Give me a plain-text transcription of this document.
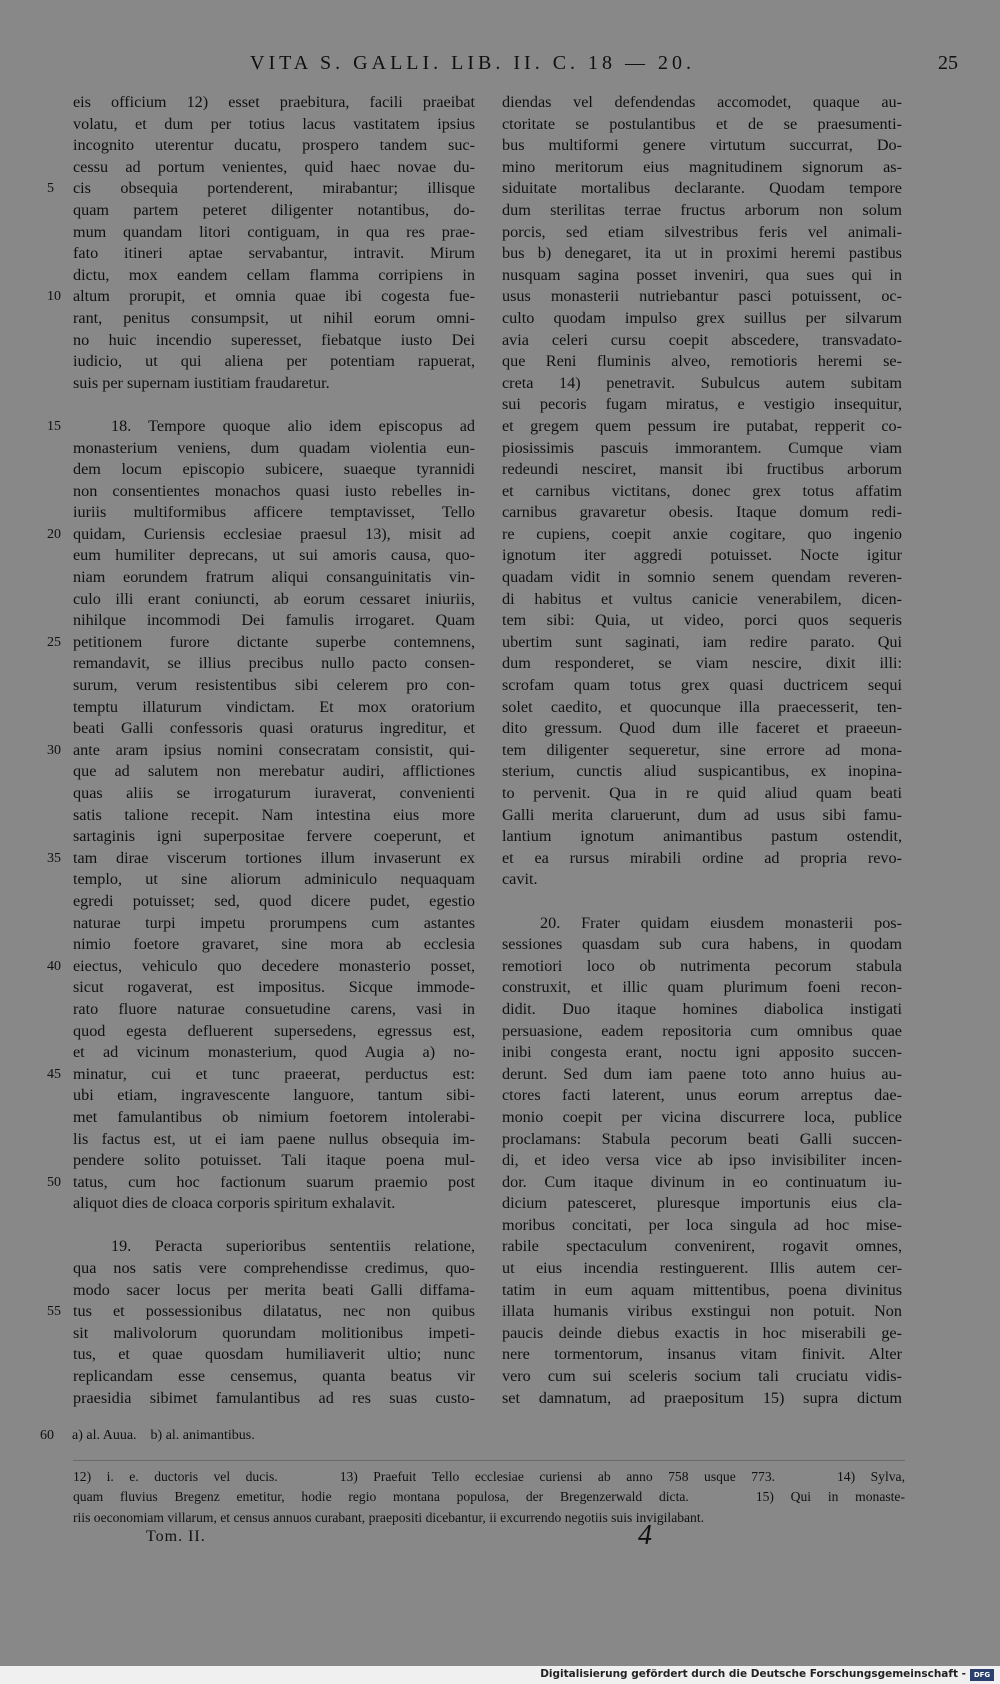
VITA S. GALLI. LIB. II. C. 18 — 20.	25
eis officium 12) esset praebitura, facili praeibat
volatu, et dum per totius lacus vastitatem ipsius
incognito uterentur ducatu, prospero tandem suc-
cessu ad portum venientes, quid haec novae du-
5	cis obsequia portenderent, mirabantur; illisque
quam partem peteret diligenter notantibus, do-
mum quandam litori contiguam, in qua res prae-
fato itineri aptae servabantur, intravit. Mirum
dictu, mox eandem cellam flamma corripiens in
10 altum prorupit, et omnia quae ibi cogesta fue-
rant, penitus consumpsit, ut nihil eorum omni-
no huic incendio superesset, fiebatque iusto Dei
iudicio, ut qui aliena per potentiam rapuerat,
suis per supernam iustitiam fraudaretur.
15	18. Tempore quoque alio idem episcopus ad
monasterium veniens, dum quadam violentia eun-
dem locum episcopio subicere, suaeque tyrannidi
non consentientes monachos quasi iusto rebelles in-
iuriis multiformibus afficere temptavisset, Tello
20 quidam, Curiensis ecclesiae praesul 13), misit ad
eum humiliter deprecans, ut sui amoris causa, quo-
niam eorundem fratrum aliqui consanguinitatis vin-
culo illi erant coniuncti, ab eorum cessaret iniuriis,
nihilque incommodi Dei famulis irrogaret. Quam
25 petitionem furore dictante superbe contemnens,
remandavit, se illius precibus nullo pacto consen-
surum, verum resistentibus sibi celerem pro con-
temptu illaturum vindictam. Et mox oratorium
beati Galli confessoris quasi oraturus ingreditur, et
30 ante aram ipsius nomini consecratam consistit, qui-
que ad salutem non merebatur audiri, afflictiones
quas aliis se irrogaturum iuraverat, convenienti
satis talione recepit. Nam intestina eius more
sartaginis igni superpositae fervere coeperunt, et
35 tam dirae viscerum tortiones illum invaserunt ex
templo, ut sine aliorum adminiculo nequaquam
egredi potuisset; sed, quod dicere pudet, egestio
naturae turpi impetu prorumpens cum astantes
nimio foetore gravaret, sine mora ab ecclesia
40 eiectus, vehiculo quo decedere monasterio posset,
sicut rogaverat, est impositus. Sicque immode-
rato fluore naturae consuetudine carens, vasi in
quod egesta defluerent supersedens, egressus est,
et ad vicinum monasterium, quod Augia a) no-
45 minatur, cui et tunc praeerat, perductus est:
ubi etiam, ingravescente languore, tantum sibi-
met famulantibus ob nimium foetorem intolerabi-
lis factus est, ut ei iam paene nullus obsequia im-
pendere solito potuisset. Tali itaque poena mul-
50 tatus, cum hoc factionum suarum praemio post
aliquot dies de cloaca corporis spiritum exhalavit.
19. Peracta superioribus sententiis relatione,
qua nos satis vere comprehendisse credimus, quo-
modo sacer locus per merita beati Galli diffama-
55 tus et possessionibus dilatatus, nec non quibus
sit malivolorum quorundam molitionibus impeti-
tus, et quae quosdam humiliaverit ultio; nunc
replicandam esse censemus, quanta beatus vir
praesidia sibimet famulantibus ad res suas custo-
diendas vel defendendas accomodet, quaque au-
ctoritate se postulantibus et de se praesumenti-
bus multiformi genere virtutum succurrat, Do-
mino meritorum eius magnitudinem signorum as-
siduitate mortalibus declarante. Quodam tempore
dum sterilitas terrae fructus arborum non solum
porcis, sed etiam silvestribus feris vel animali-
bus b) denegaret, ita ut in proximi heremi pastibus
nusquam sagina posset inveniri, qua sues qui in
usus monasterii nutriebantur pasci potuissent, oc-
culto quodam impulso grex suillus per silvarum
avia celeri cursu coepit abscedere, transvadato-
que Reni fluminis alveo, remotioris heremi se-
creta 14) penetravit. Subulcus autem subitam
sui pecoris fugam miratus, e vestigio insequitur,
et gregem quem pessum ire putabat, repperit co-
piosissimis pascuis immorantem. Cumque viam
redeundi nesciret, mansit ibi fructibus arborum
et carnibus victitans, donec grex totus affatim
carnibus gravaretur obesis. Itaque domum redi-
re cupiens, coepit anxie cogitare, quo ingenio
ignotum iter aggredi potuisset. Nocte igitur
quadam vidit in somnio senem quendam reveren-
di habitus et vultus canicie venerabilem, dicen-
tem sibi: Quia, ut video, porci quos sequeris
ubertim sunt saginati, iam redire parato. Qui
dum responderet, se viam nescire, dixit illi:
scrofam quam totus grex quasi ductricem sequi
solet caedito, et quocunque illa praecesserit, ten-
dito gressum. Quod dum ille faceret et praeeun-
tem diligenter sequeretur, sine errore ad mona-
sterium, cunctis aliud suspicantibus, ex inopina-
to pervenit. Qua in re quid aliud quam beati
Galli merita claruerunt, dum ad usus sibi famu-
lantium ignotum animantibus pastum ostendit,
et ea rursus mirabili ordine ad propria revo-
cavit.
20. Frater quidam eiusdem monasterii pos-
sessiones quasdam sub cura habens, in quodam
remotiori loco ob nutrimenta pecorum stabula
construxit, et illic quam plurimum foeni recon-
didit. Duo itaque homines diabolica instigati
persuasione, eadem repositoria cum omnibus quae
inibi congesta erant, noctu igni apposito succen-
derunt. Sed dum iam paene toto anno huius au-
ctores facti laterent, unus eorum arreptus dae-
monio coepit per vicina discurrere loca, publice
proclamans: Stabula pecorum beati Galli succen-
di, et ideo versa vice ab ipso invisibiliter incen-
dor. Cum itaque divinum in eo continuatum iu-
dicium patesceret, pluresque importunis eius cla-
moribus concitati, per loca singula ad hoc mise-
rabile spectaculum convenirent, rogavit omnes,
ut eius incendia restinguerent. Illis autem cer-
tatim in eum aquam mittentibus, poena divinitus
illata humanis viribus exstingui non potuit. Non
paucis deinde diebus exactis in hoc miserabili ge-
nere tormentorum, insanus vitam finivit. Alter
vero cum sui sceleris socium tali cruciatu vidis-
set damnatum, ad praepositum 15) supra dictum
60 a) al. Auua.    b) al. animantibus.
12) i. e. ductoris vel ducis.    13) Praefuit Tello ecclesiae curiensi ab anno 758 usque 773.    14) Sylva,
quam fluvius Bregenz emetitur, hodie regio montana populosa, der Bregenzerwald dicta.    15) Qui in monaste-
riis oeconomiam villarum, et census annuos curabant, praepositi dicebantur, ii excurrendo negotiis suis invigilabant.
Tom. II.	4
Digitalisierung gefördert durch die Deutsche Forschungsgemeinschaft -	DFG
